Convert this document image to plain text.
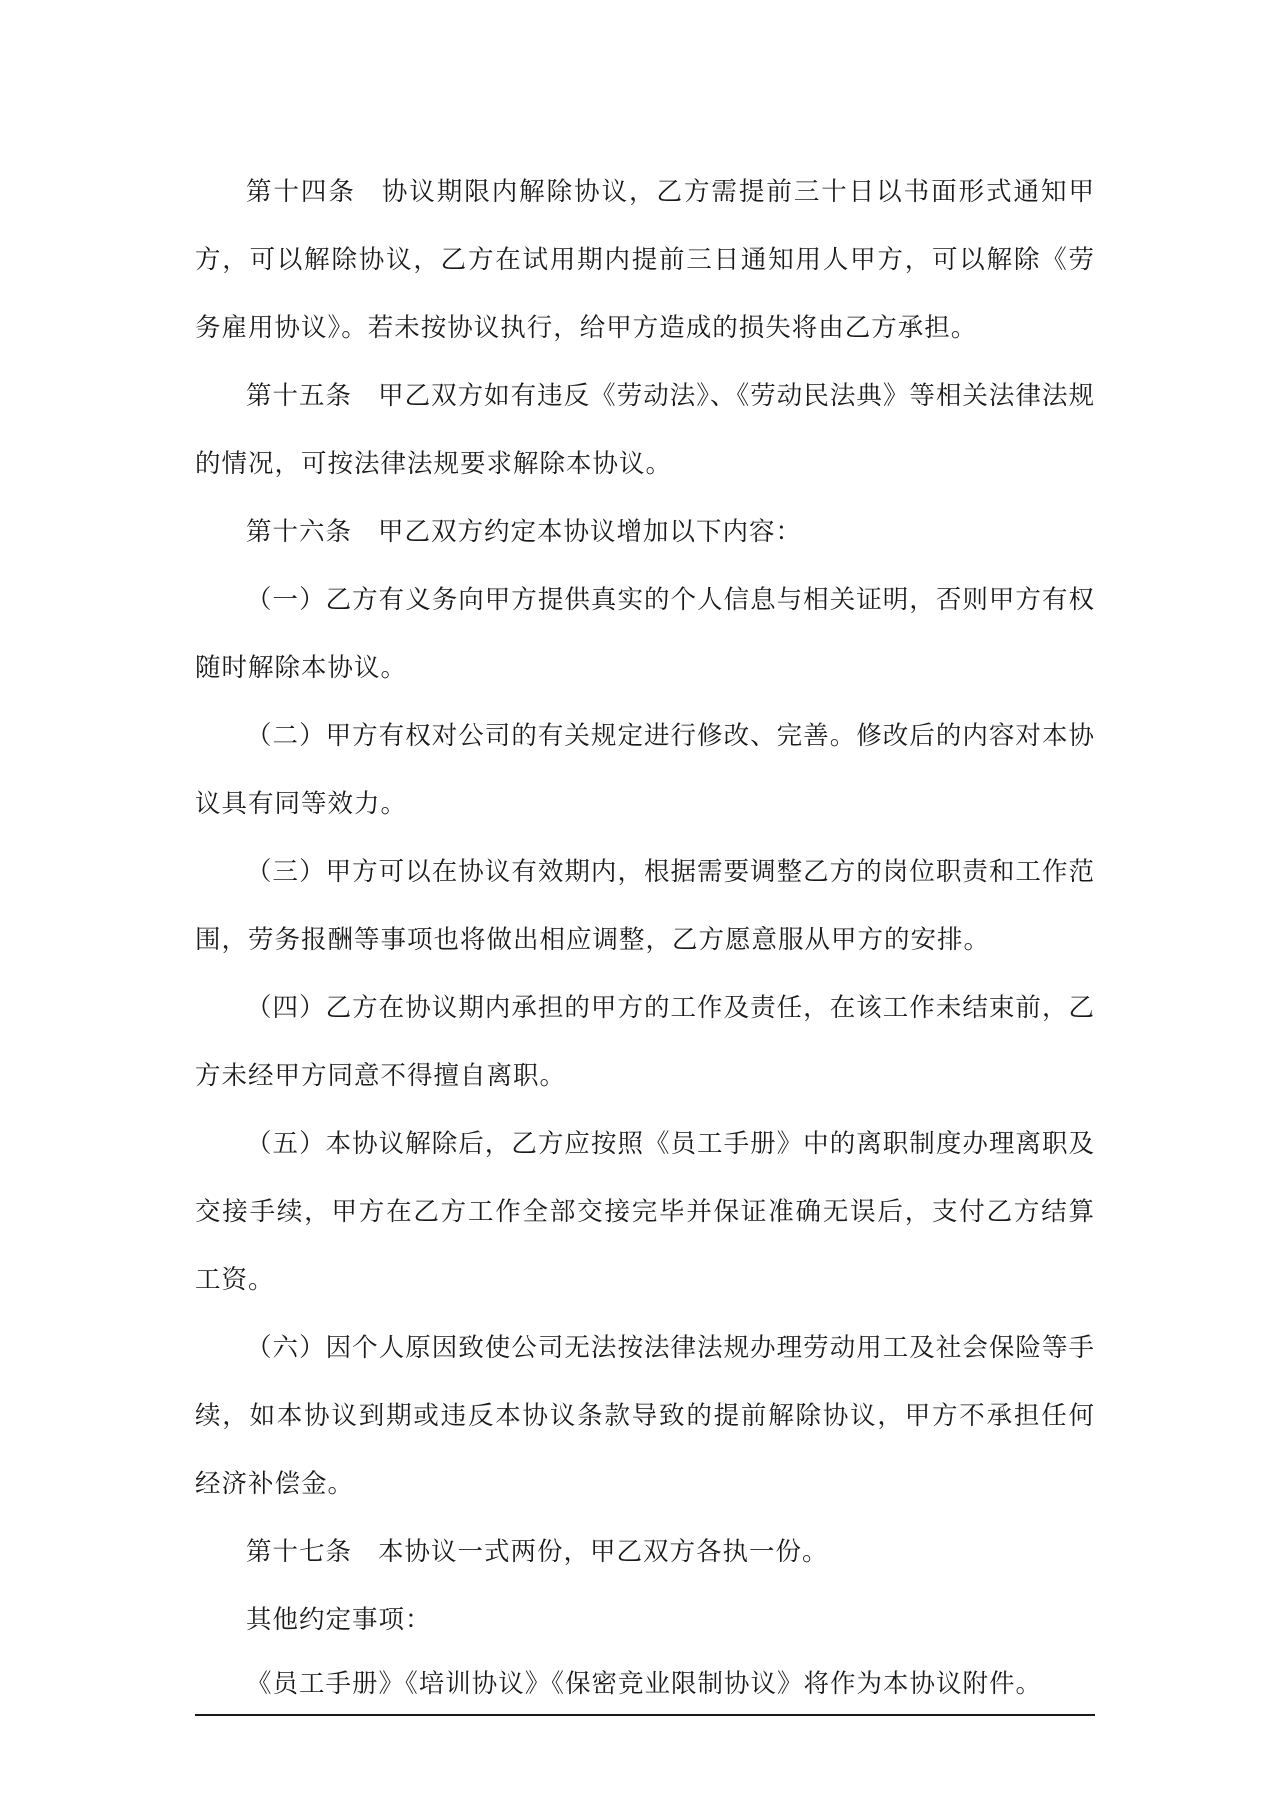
第十四条 协议期限内解除协议，乙方需提前三十日以书面形式通知甲方，可以解除协议，乙方在试用期内提前三日通知用人甲方，可以解除《劳务雇用协议》。若未按协议执行，给甲方造成的损失将由乙方承担。

第十五条 甲乙双方如有违反《劳动法》、《劳动民法典》等相关法律法规的情况，可按法律法规要求解除本协议。

第十六条 甲乙双方约定本协议增加以下内容：

（一）乙方有义务向甲方提供真实的个人信息与相关证明，否则甲方有权随时解除本协议。

（二）甲方有权对公司的有关规定进行修改、完善。修改后的内容对本协议具有同等效力。

（三）甲方可以在协议有效期内，根据需要调整乙方的岗位职责和工作范围，劳务报酬等事项也将做出相应调整，乙方愿意服从甲方的安排。

（四）乙方在协议期内承担的甲方的工作及责任，在该工作未结束前，乙方未经甲方同意不得擅自离职。

（五）本协议解除后，乙方应按照《员工手册》中的离职制度办理离职及交接手续，甲方在乙方工作全部交接完毕并保证准确无误后，支付乙方结算工资。

（六）因个人原因致使公司无法按法律法规办理劳动用工及社会保险等手续，如本协议到期或违反本协议条款导致的提前解除协议，甲方不承担任何经济补偿金。

第十七条 本协议一式两份，甲乙双方各执一份。

其他约定事项：

《员工手册》《培训协议》《保密竞业限制协议》将作为本协议附件。
